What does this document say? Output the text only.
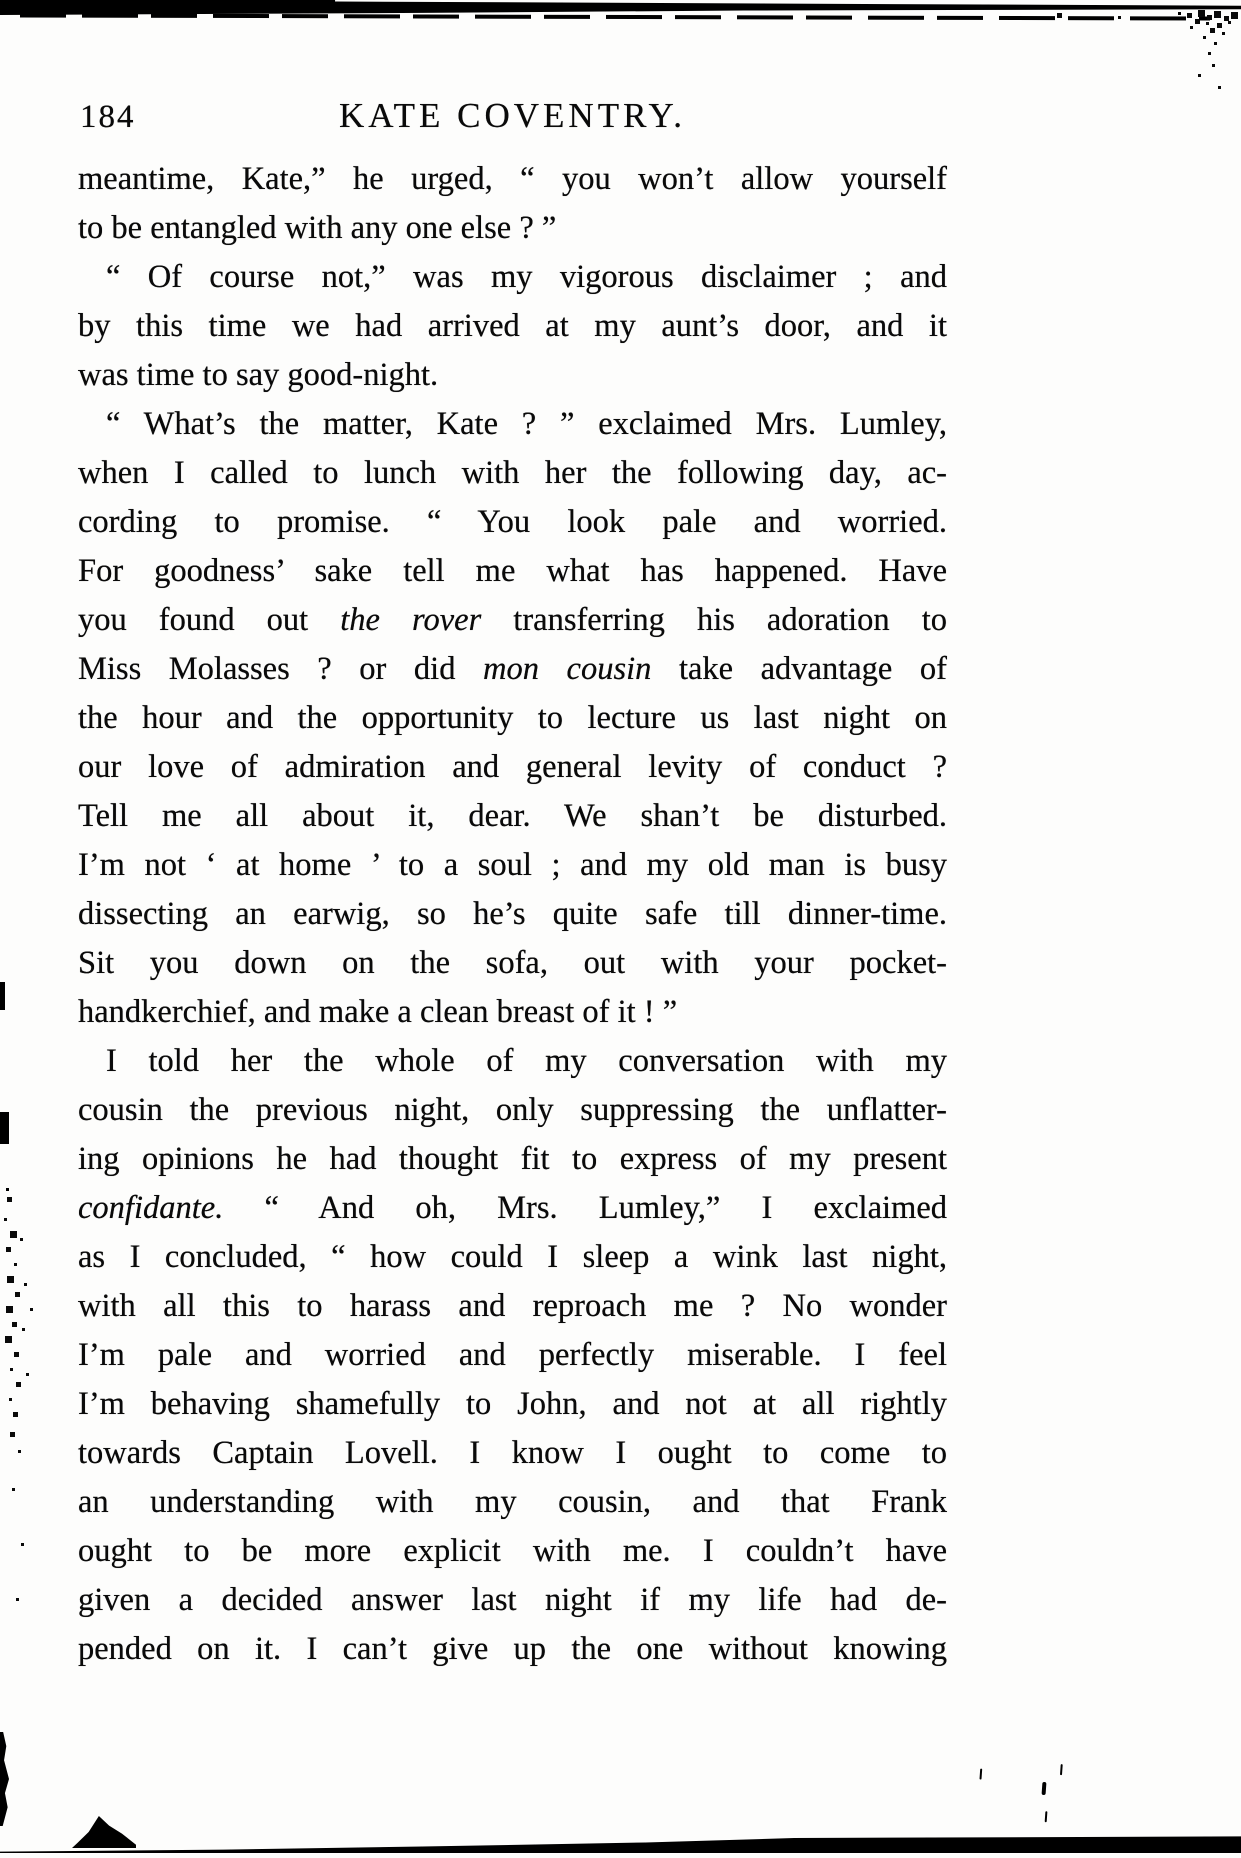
184	KATE COVENTRY.
meantime, Kate,” he urged, “ you won’t allow yourself
to be entangled with any one else ? ”
“ Of course not,” was my vigorous disclaimer ; and
by this time we had arrived at my aunt’s door, and it
was time to say good-night.
“ What’s the matter, Kate ? ” exclaimed Mrs. Lumley,
when I called to lunch with her the following day, ac-
cording to promise. “ You look pale and worried.
For goodness’ sake tell me what has happened. Have
you found out the rover transferring his adoration to
Miss Molasses ? or did mon cousin take advantage of
the hour and the opportunity to lecture us last night on
our love of admiration and general levity of conduct ?
Tell me all about it, dear. We shan’t be disturbed.
I’m not ‘ at home ’ to a soul ; and my old man is busy
dissecting an earwig, so he’s quite safe till dinner-time.
Sit you down on the sofa, out with your pocket-
handkerchief, and make a clean breast of it ! ”
I told her the whole of my conversation with my
cousin the previous night, only suppressing the unflatter-
ing opinions he had thought fit to express of my present
confidante. “ And oh, Mrs. Lumley,” I exclaimed
as I concluded, “ how could I sleep a wink last night,
with all this to harass and reproach me ? No wonder
I’m pale and worried and perfectly miserable. I feel
I’m behaving shamefully to John, and not at all rightly
towards Captain Lovell. I know I ought to come to
an understanding with my cousin, and that Frank
ought to be more explicit with me. I couldn’t have
given a decided answer last night if my life had de-
pended on it. I can’t give up the one without knowing
